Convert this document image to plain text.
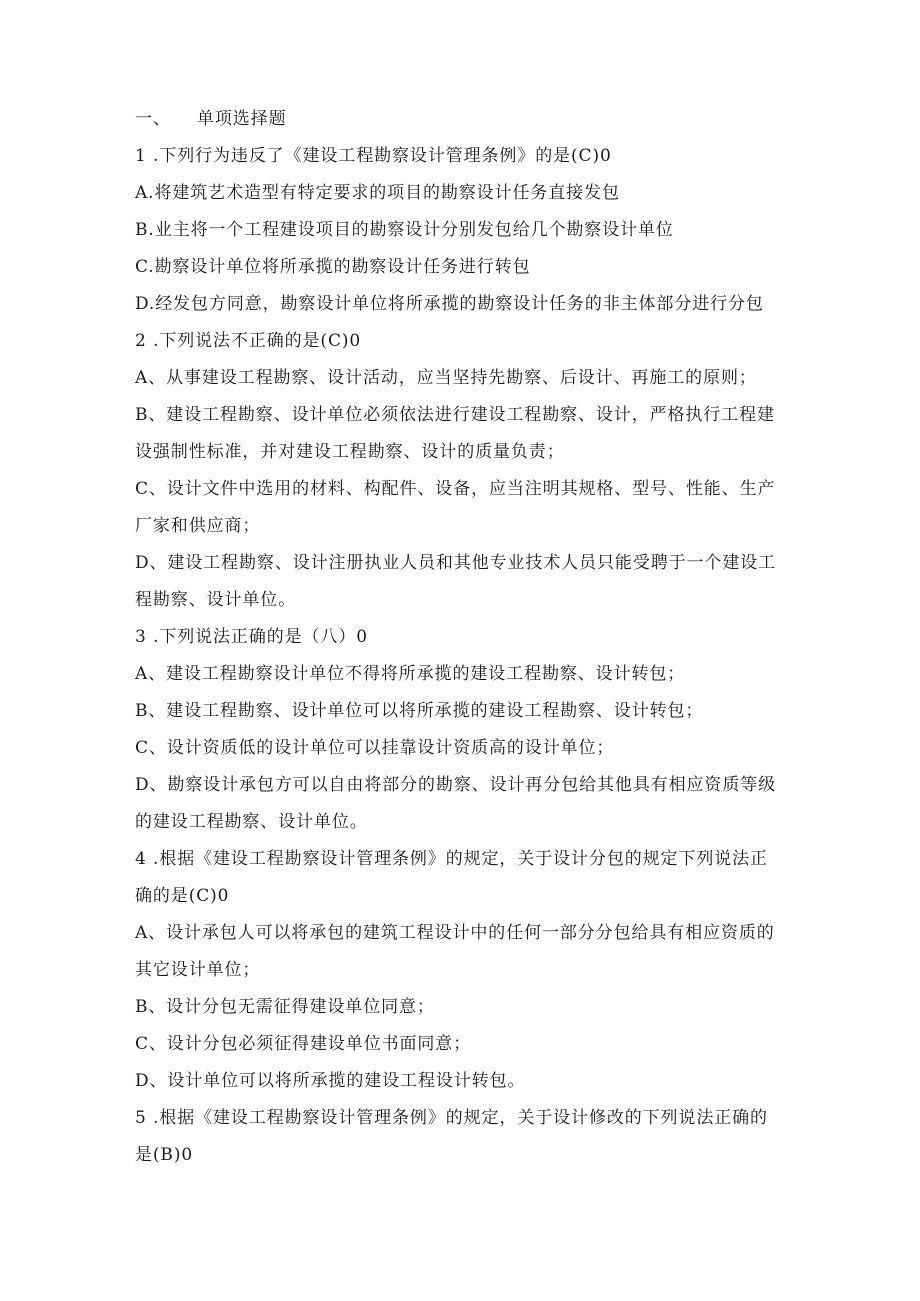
一、 单项选择题
1 .下列行为违反了《建设工程勘察设计管理条例》的是(C)0
A.将建筑艺术造型有特定要求的项目的勘察设计任务直接发包
B.业主将一个工程建设项目的勘察设计分别发包给几个勘察设计单位
C.勘察设计单位将所承揽的勘察设计任务进行转包
D.经发包方同意，勘察设计单位将所承揽的勘察设计任务的非主体部分进行分包
2 .下列说法不正确的是(C)0
A、从事建设工程勘察、设计活动，应当坚持先勘察、后设计、再施工的原则；
B、建设工程勘察、设计单位必须依法进行建设工程勘察、设计，严格执行工程建
设强制性标准，并对建设工程勘察、设计的质量负责；
C、设计文件中选用的材料、构配件、设备，应当注明其规格、型号、性能、生产
厂家和供应商；
D、建设工程勘察、设计注册执业人员和其他专业技术人员只能受聘于一个建设工
程勘察、设计单位。
3 .下列说法正确的是（八）0
A、建设工程勘察设计单位不得将所承揽的建设工程勘察、设计转包；
B、建设工程勘察、设计单位可以将所承揽的建设工程勘察、设计转包；
C、设计资质低的设计单位可以挂靠设计资质高的设计单位；
D、勘察设计承包方可以自由将部分的勘察、设计再分包给其他具有相应资质等级
的建设工程勘察、设计单位。
4 .根据《建设工程勘察设计管理条例》的规定，关于设计分包的规定下列说法正
确的是(C)0
A、设计承包人可以将承包的建筑工程设计中的任何一部分分包给具有相应资质的
其它设计单位；
B、设计分包无需征得建设单位同意；
C、设计分包必须征得建设单位书面同意；
D、设计单位可以将所承揽的建设工程设计转包。
5 .根据《建设工程勘察设计管理条例》的规定，关于设计修改的下列说法正确的
是(B)0
